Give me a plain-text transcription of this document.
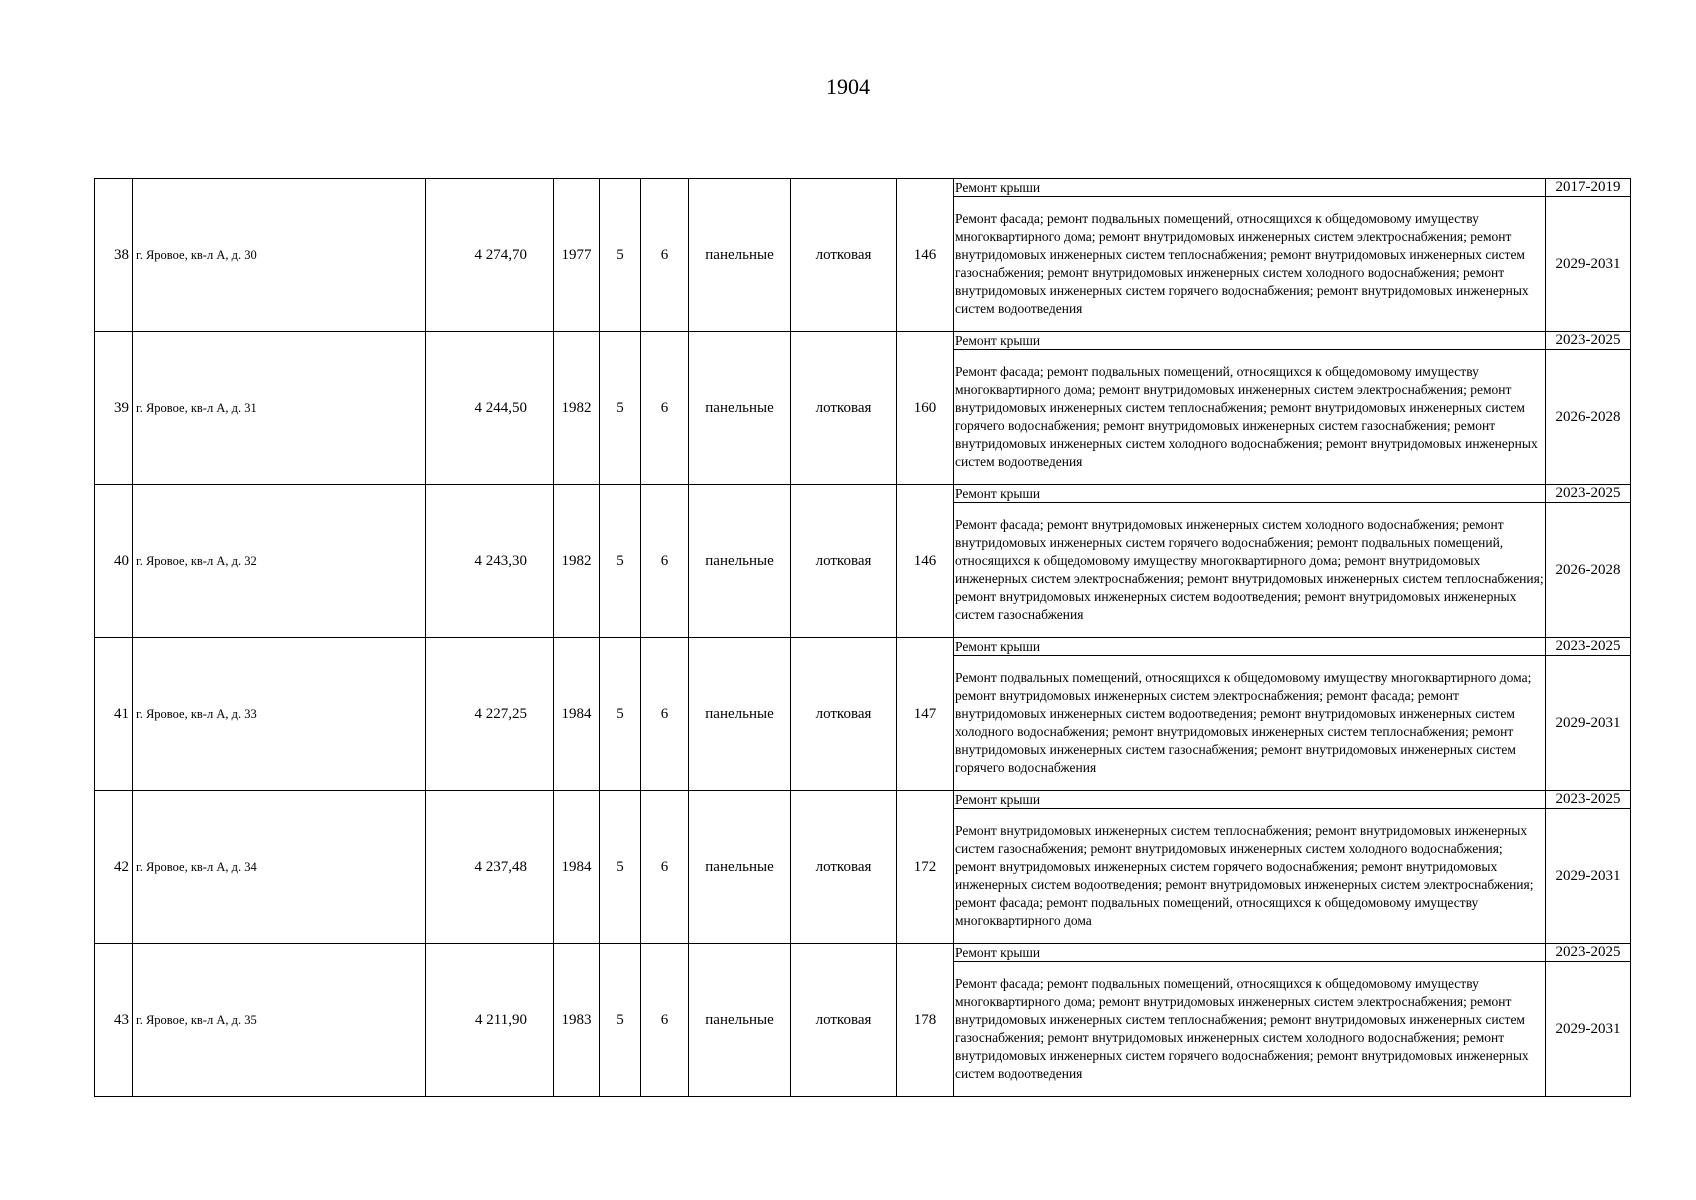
1904
38	г. Яровое, кв-л А, д. 30	4 274,70	1977	5	6	панельные	лотковая	146	Ремонт крыши	2017-2019
									Ремонт фасада; ремонт подвальных помещений, относящихся к общедомовому имуществу многоквартирного дома; ремонт внутридомовых инженерных систем электроснабжения; ремонт внутридомовых инженерных систем теплоснабжения; ремонт внутридомовых инженерных систем газоснабжения; ремонт внутридомовых инженерных систем холодного водоснабжения; ремонт внутридомовых инженерных систем горячего водоснабжения; ремонт внутридомовых инженерных систем водоотведения	2029-2031
39	г. Яровое, кв-л А, д. 31	4 244,50	1982	5	6	панельные	лотковая	160	Ремонт крыши	2023-2025
									Ремонт фасада; ремонт подвальных помещений, относящихся к общедомовому имуществу многоквартирного дома; ремонт внутридомовых инженерных систем электроснабжения; ремонт внутридомовых инженерных систем теплоснабжения; ремонт внутридомовых инженерных систем горячего водоснабжения; ремонт внутридомовых инженерных систем газоснабжения; ремонт внутридомовых инженерных систем холодного водоснабжения; ремонт внутридомовых инженерных систем водоотведения	2026-2028
40	г. Яровое, кв-л А, д. 32	4 243,30	1982	5	6	панельные	лотковая	146	Ремонт крыши	2023-2025
									Ремонт фасада; ремонт внутридомовых инженерных систем холодного водоснабжения; ремонт внутридомовых инженерных систем горячего водоснабжения; ремонт подвальных помещений, относящихся к общедомовому имуществу многоквартирного дома; ремонт внутридомовых инженерных систем электроснабжения; ремонт внутридомовых инженерных систем теплоснабжения; ремонт внутридомовых инженерных систем водоотведения; ремонт внутридомовых инженерных систем газоснабжения	2026-2028
41	г. Яровое, кв-л А, д. 33	4 227,25	1984	5	6	панельные	лотковая	147	Ремонт крыши	2023-2025
									Ремонт подвальных помещений, относящихся к общедомовому имуществу многоквартирного дома; ремонт внутридомовых инженерных систем электроснабжения; ремонт фасада; ремонт внутридомовых инженерных систем водоотведения; ремонт внутридомовых инженерных систем холодного водоснабжения; ремонт внутридомовых инженерных систем теплоснабжения; ремонт внутридомовых инженерных систем газоснабжения; ремонт внутридомовых инженерных систем горячего водоснабжения	2029-2031
42	г. Яровое, кв-л А, д. 34	4 237,48	1984	5	6	панельные	лотковая	172	Ремонт крыши	2023-2025
									Ремонт внутридомовых инженерных систем теплоснабжения; ремонт внутридомовых инженерных систем газоснабжения; ремонт внутридомовых инженерных систем холодного водоснабжения; ремонт внутридомовых инженерных систем горячего водоснабжения; ремонт внутридомовых инженерных систем водоотведения; ремонт внутридомовых инженерных систем электроснабжения; ремонт фасада; ремонт подвальных помещений, относящихся к общедомовому имуществу многоквартирного дома	2029-2031
43	г. Яровое, кв-л А, д. 35	4 211,90	1983	5	6	панельные	лотковая	178	Ремонт крыши	2023-2025
									Ремонт фасада; ремонт подвальных помещений, относящихся к общедомовому имуществу многоквартирного дома; ремонт внутридомовых инженерных систем электроснабжения; ремонт внутридомовых инженерных систем теплоснабжения; ремонт внутридомовых инженерных систем газоснабжения; ремонт внутридомовых инженерных систем холодного водоснабжения; ремонт внутридомовых инженерных систем горячего водоснабжения; ремонт внутридомовых инженерных систем водоотведения	2029-2031
